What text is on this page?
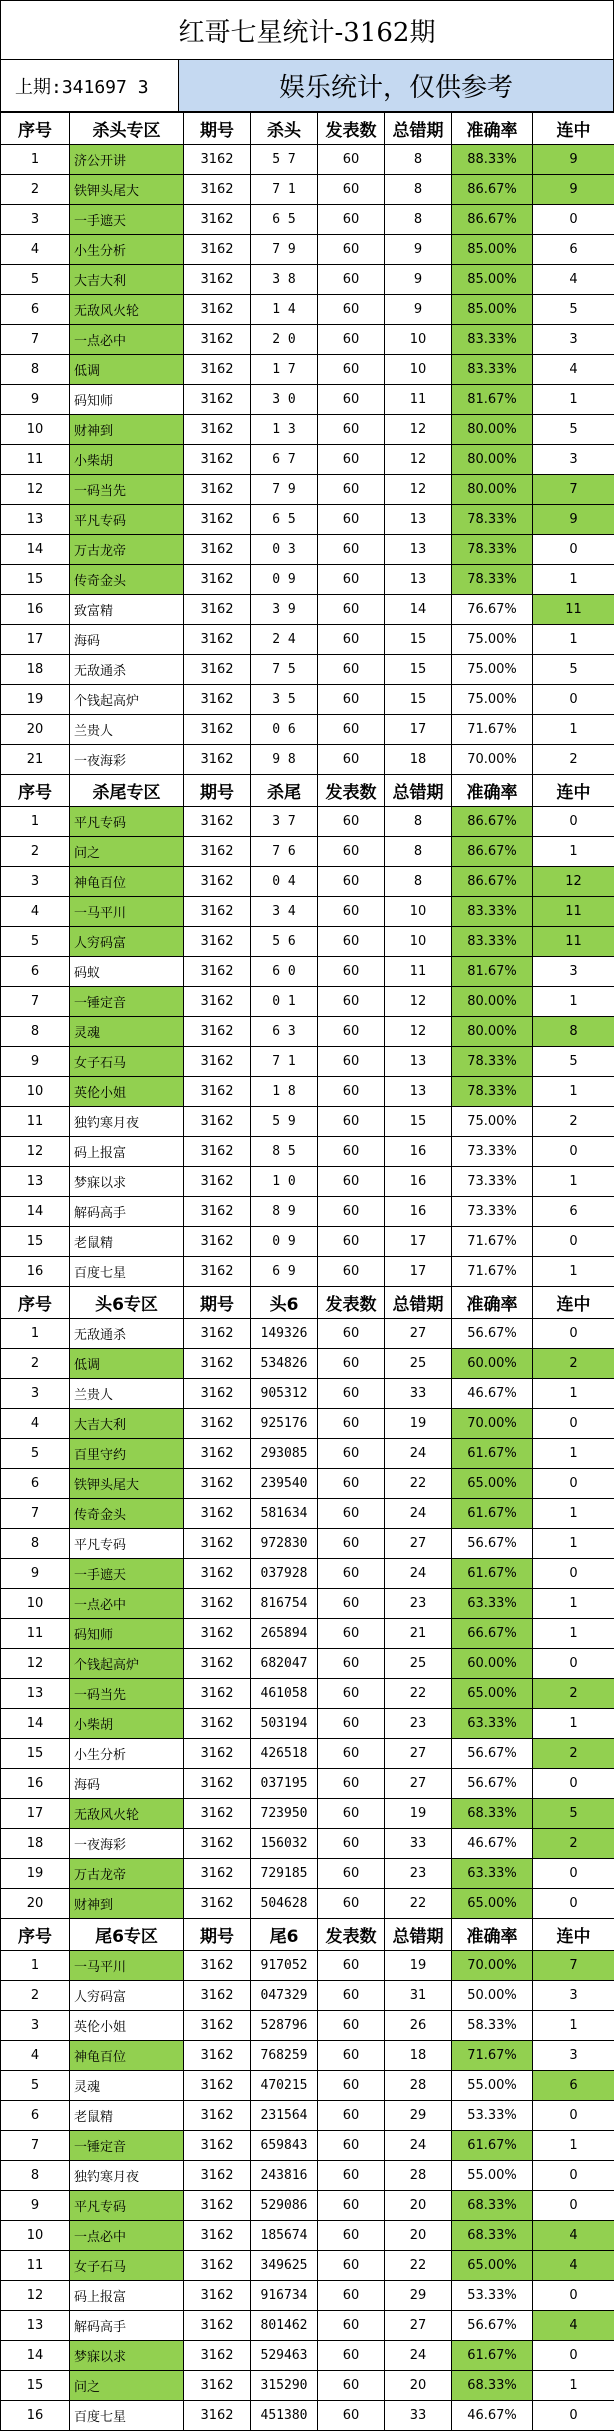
红哥七星统计-3162期
上期:341697 3	娱乐统计，仅供参考
序号	杀头专区	期号	杀头	发表数	总错期	准确率	连中
1	济公开讲	3162	5 7	60	8	88.33%	9
2	铁钾头尾大	3162	7 1	60	8	86.67%	9
3	一手遮天	3162	6 5	60	8	86.67%	0
4	小生分析	3162	7 9	60	9	85.00%	6
5	大吉大利	3162	3 8	60	9	85.00%	4
6	无敌风火轮	3162	1 4	60	9	85.00%	5
7	一点必中	3162	2 0	60	10	83.33%	3
8	低调	3162	1 7	60	10	83.33%	4
9	码知师	3162	3 0	60	11	81.67%	1
10	财神到	3162	1 3	60	12	80.00%	5
11	小柴胡	3162	6 7	60	12	80.00%	3
12	一码当先	3162	7 9	60	12	80.00%	7
13	平凡专码	3162	6 5	60	13	78.33%	9
14	万古龙帝	3162	0 3	60	13	78.33%	0
15	传奇金头	3162	0 9	60	13	78.33%	1
16	致富精	3162	3 9	60	14	76.67%	11
17	海码	3162	2 4	60	15	75.00%	1
18	无敌通杀	3162	7 5	60	15	75.00%	5
19	个钱起高炉	3162	3 5	60	15	75.00%	0
20	兰贵人	3162	0 6	60	17	71.67%	1
21	一夜海彩	3162	9 8	60	18	70.00%	2
序号	杀尾专区	期号	杀尾	发表数	总错期	准确率	连中
1	平凡专码	3162	3 7	60	8	86.67%	0
2	问之	3162	7 6	60	8	86.67%	1
3	神龟百位	3162	0 4	60	8	86.67%	12
4	一马平川	3162	3 4	60	10	83.33%	11
5	人穷码富	3162	5 6	60	10	83.33%	11
6	码蚁	3162	6 0	60	11	81.67%	3
7	一锤定音	3162	0 1	60	12	80.00%	1
8	灵魂	3162	6 3	60	12	80.00%	8
9	女子石马	3162	7 1	60	13	78.33%	5
10	英伦小姐	3162	1 8	60	13	78.33%	1
11	独钓寒月夜	3162	5 9	60	15	75.00%	2
12	码上报富	3162	8 5	60	16	73.33%	0
13	梦寐以求	3162	1 0	60	16	73.33%	1
14	解码高手	3162	8 9	60	16	73.33%	6
15	老鼠精	3162	0 9	60	17	71.67%	0
16	百度七星	3162	6 9	60	17	71.67%	1
序号	头6专区	期号	头6	发表数	总错期	准确率	连中
1	无敌通杀	3162	149326	60	27	56.67%	0
2	低调	3162	534826	60	25	60.00%	2
3	兰贵人	3162	905312	60	33	46.67%	1
4	大吉大利	3162	925176	60	19	70.00%	0
5	百里守约	3162	293085	60	24	61.67%	1
6	铁钾头尾大	3162	239540	60	22	65.00%	0
7	传奇金头	3162	581634	60	24	61.67%	1
8	平凡专码	3162	972830	60	27	56.67%	1
9	一手遮天	3162	037928	60	24	61.67%	0
10	一点必中	3162	816754	60	23	63.33%	1
11	码知师	3162	265894	60	21	66.67%	1
12	个钱起高炉	3162	682047	60	25	60.00%	0
13	一码当先	3162	461058	60	22	65.00%	2
14	小柴胡	3162	503194	60	23	63.33%	1
15	小生分析	3162	426518	60	27	56.67%	2
16	海码	3162	037195	60	27	56.67%	0
17	无敌风火轮	3162	723950	60	19	68.33%	5
18	一夜海彩	3162	156032	60	33	46.67%	2
19	万古龙帝	3162	729185	60	23	63.33%	0
20	财神到	3162	504628	60	22	65.00%	0
序号	尾6专区	期号	尾6	发表数	总错期	准确率	连中
1	一马平川	3162	917052	60	19	70.00%	7
2	人穷码富	3162	047329	60	31	50.00%	3
3	英伦小姐	3162	528796	60	26	58.33%	1
4	神龟百位	3162	768259	60	18	71.67%	3
5	灵魂	3162	470215	60	28	55.00%	6
6	老鼠精	3162	231564	60	29	53.33%	0
7	一锤定音	3162	659843	60	24	61.67%	1
8	独钓寒月夜	3162	243816	60	28	55.00%	0
9	平凡专码	3162	529086	60	20	68.33%	0
10	一点必中	3162	185674	60	20	68.33%	4
11	女子石马	3162	349625	60	22	65.00%	4
12	码上报富	3162	916734	60	29	53.33%	0
13	解码高手	3162	801462	60	27	56.67%	4
14	梦寐以求	3162	529463	60	24	61.67%	0
15	问之	3162	315290	60	20	68.33%	1
16	百度七星	3162	451380	60	33	46.67%	0
